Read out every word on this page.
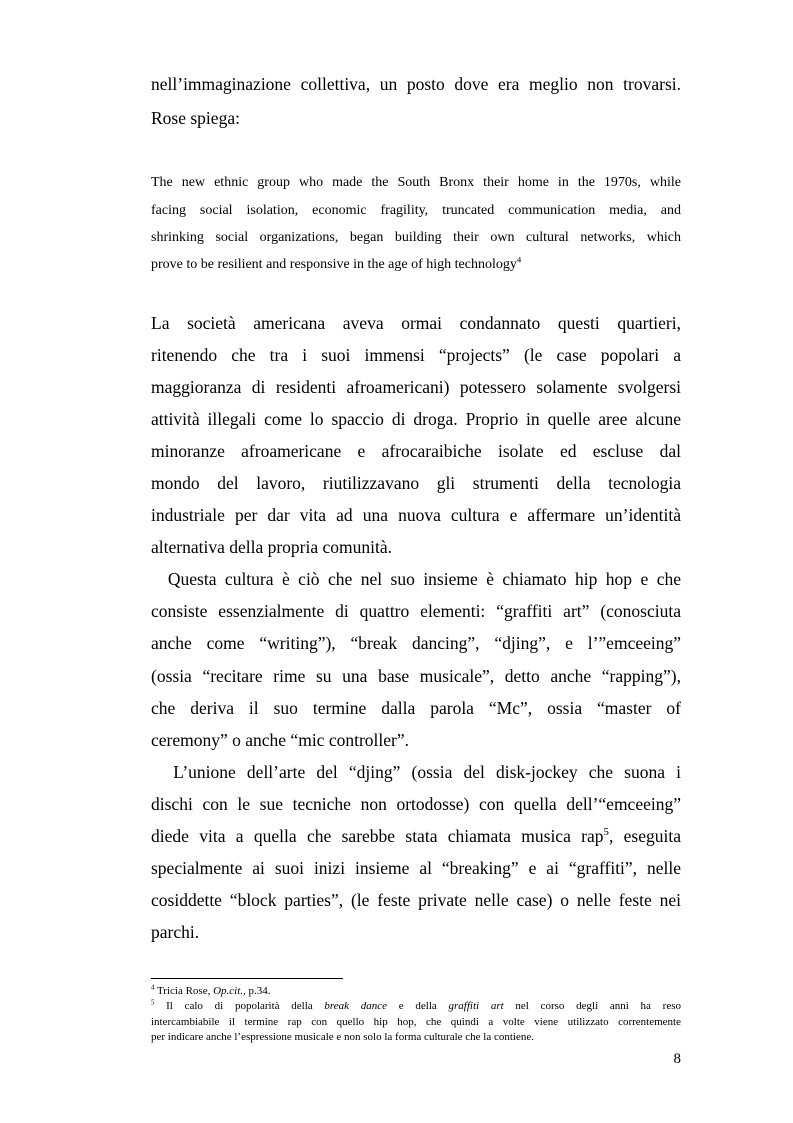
nell’immaginazione collettiva, un posto dove era meglio non trovarsi.
Rose spiega:
The new ethnic group who made the South Bronx their home in the 1970s, while
facing social isolation, economic fragility, truncated communication media, and
shrinking social organizations, began building their own cultural networks, which
prove to be resilient and responsive in the age of high technology$^4$
La società americana aveva ormai condannato questi quartieri,
ritenendo che tra i suoi immensi “projects” (le case popolari a
maggioranza di residenti afroamericani) potessero solamente svolgersi
attività illegali come lo spaccio di droga. Proprio in quelle aree alcune
minoranze afroamericane e afrocaraibiche isolate ed escluse dal
mondo del lavoro, riutilizzavano gli strumenti della tecnologia
industriale per dar vita ad una nuova cultura e affermare un’identità
alternativa della propria comunità.
Questa cultura è ciò che nel suo insieme è chiamato hip hop e che
consiste essenzialmente di quattro elementi: “graffiti art” (conosciuta
anche come “writing”), “break dancing”, “djing”, e l’”emceeing”
(ossia “recitare rime su una base musicale”, detto anche “rapping”),
che deriva il suo termine dalla parola “Mc”, ossia “master of
ceremony” o anche “mic controller”.
L’unione dell’arte del “djing” (ossia del disk-jockey che suona i
dischi con le sue tecniche non ortodosse) con quella dell’“emceeing”
diede vita a quella che sarebbe stata chiamata musica rap$^5$, eseguita
specialmente ai suoi inizi insieme al “breaking” e ai “graffiti”, nelle
cosiddette “block parties”, (le feste private nelle case) o nelle feste nei
parchi.
$^4$ Tricia Rose, Op.cit., p.34.
$^5$ Il calo di popolarità della break dance e della graffiti art nel corso degli anni ha reso
intercambiabile il termine rap con quello hip hop, che quindi a volte viene utilizzato correntemente
per indicare anche l’espressione musicale e non solo la forma culturale che la contiene.
8
